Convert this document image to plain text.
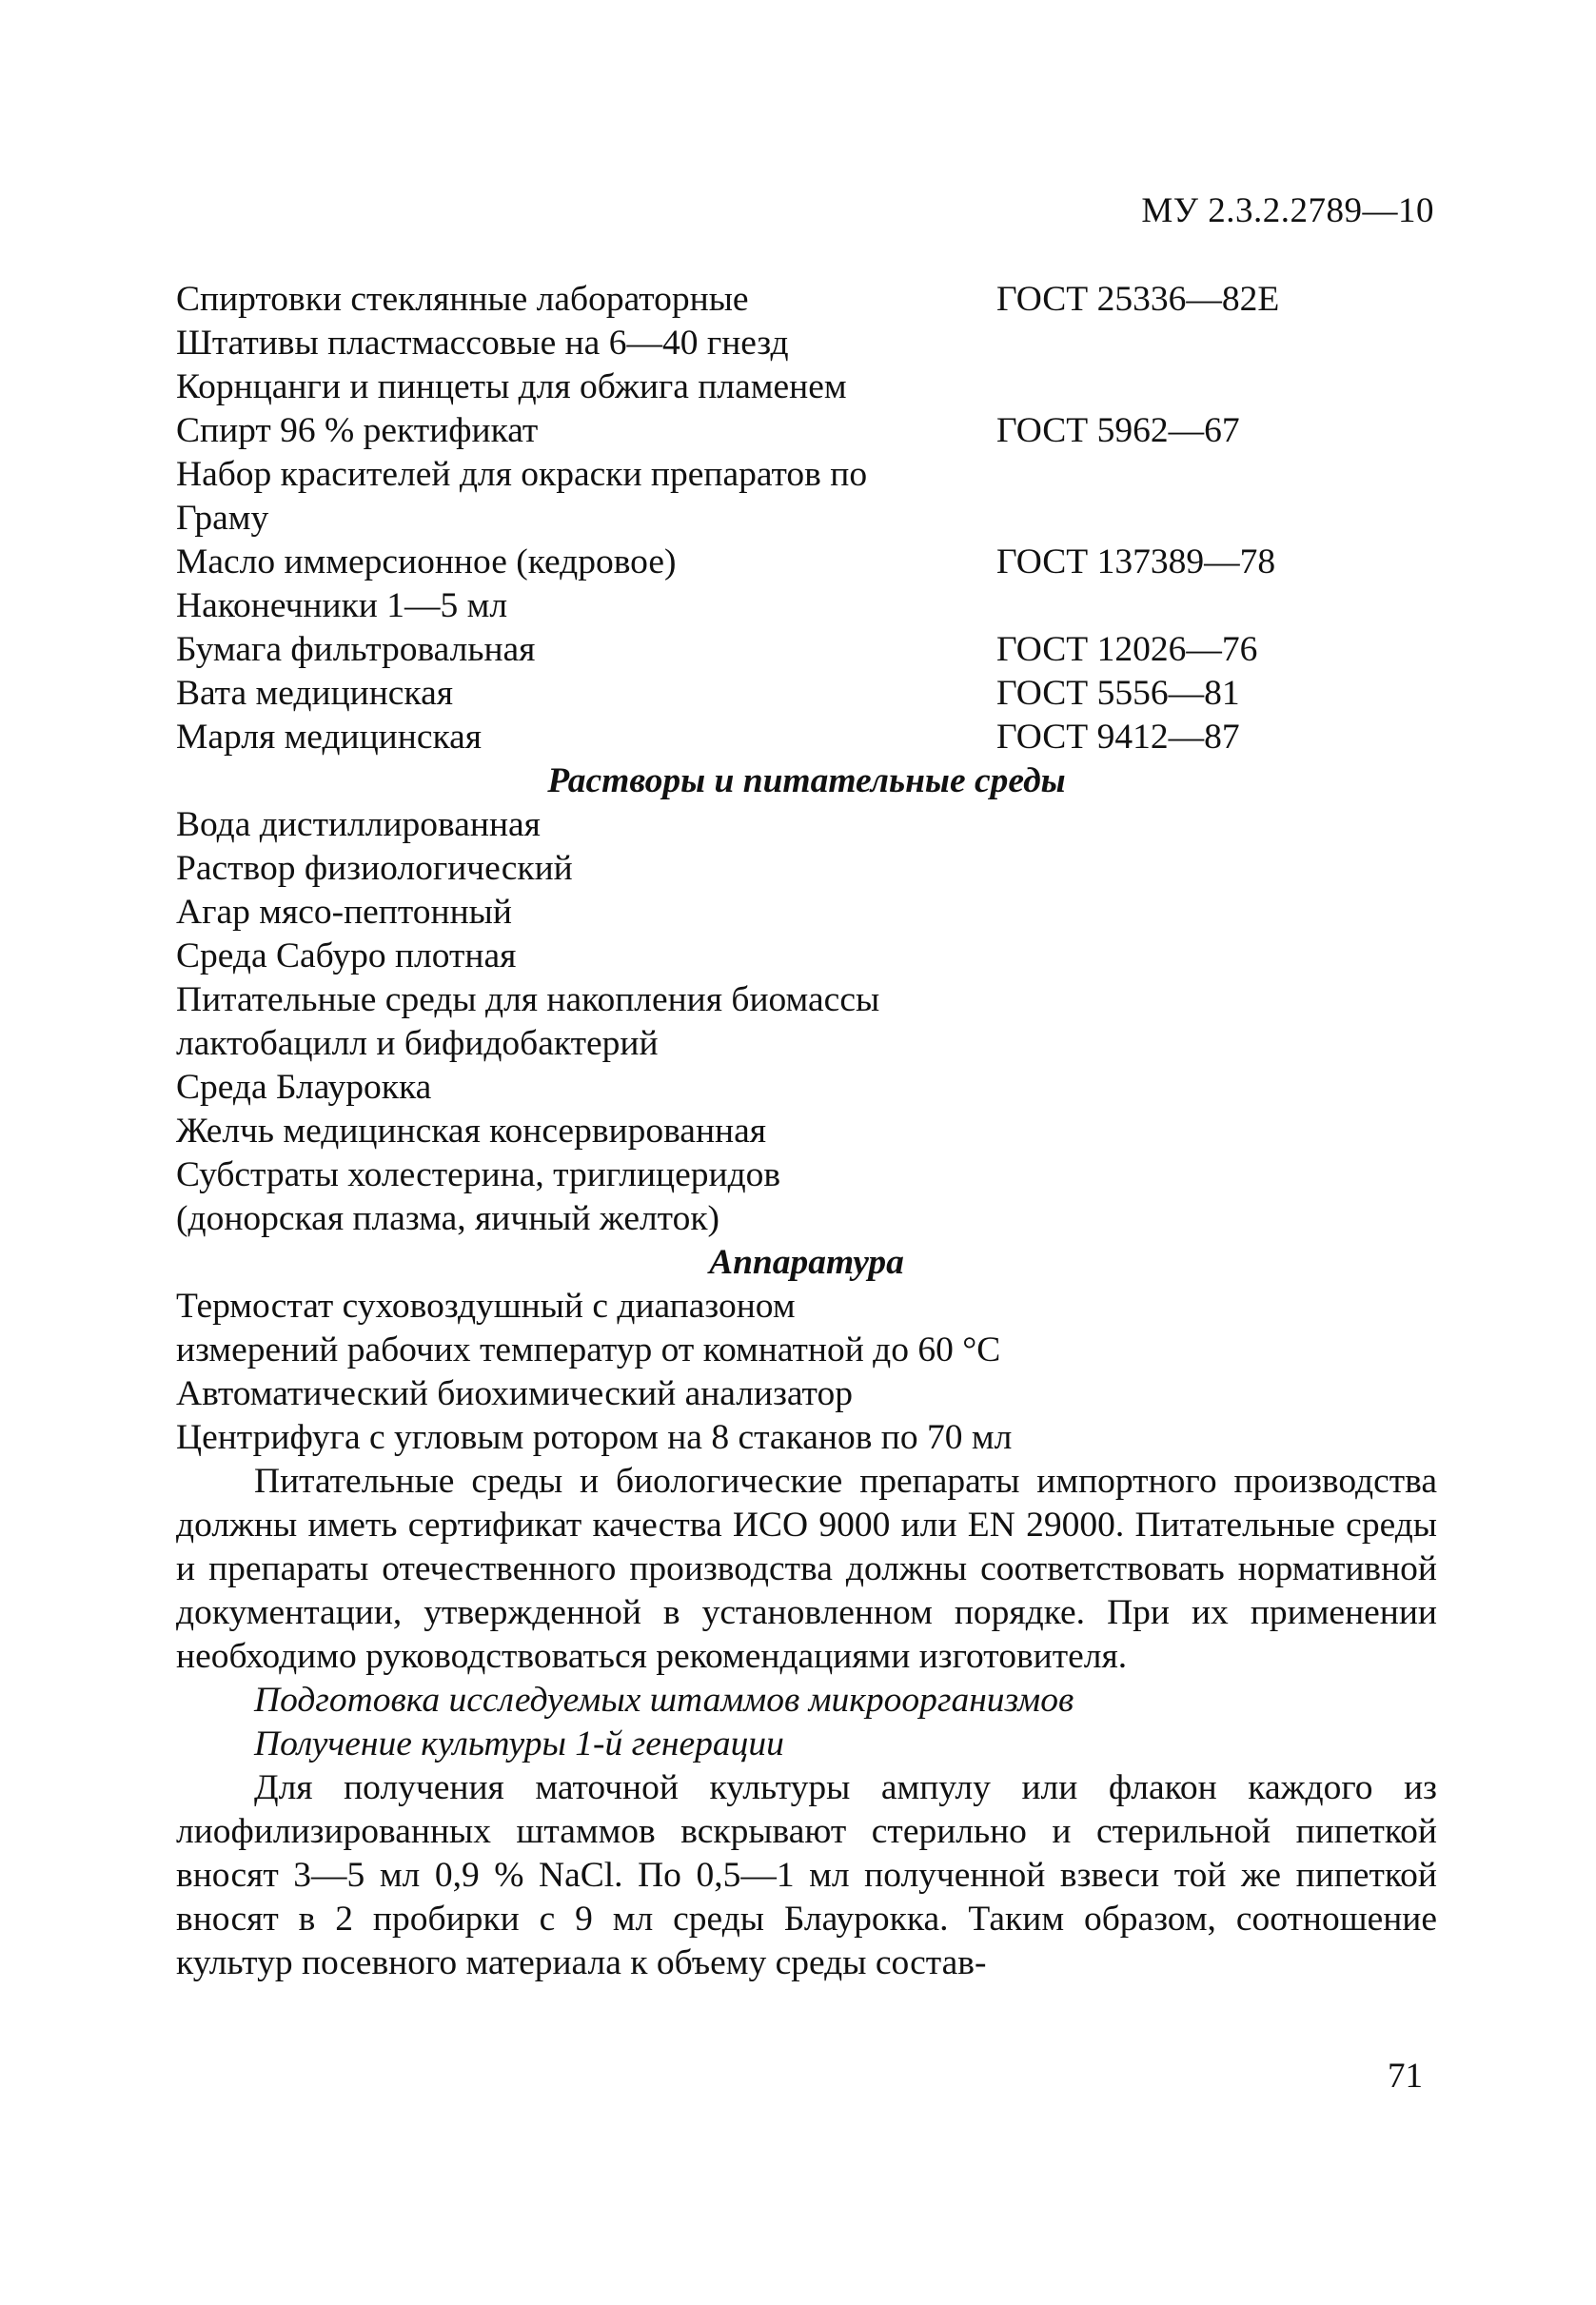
МУ 2.3.2.2789—10
Спиртовки стеклянные лабораторные	ГОСТ 25336—82Е
Штативы пластмассовые на 6—40 гнезд
Корнцанги и пинцеты для обжига пламенем
Спирт 96 % ректификат	ГОСТ 5962—67
Набор красителей для окраски препаратов по
Граму
Масло иммерсионное (кедровое)	ГОСТ 137389—78
Наконечники 1—5 мл
Бумага фильтровальная	ГОСТ 12026—76
Вата медицинская	ГОСТ 5556—81
Марля медицинская	ГОСТ 9412—87
Растворы и питательные среды
Вода дистиллированная
Раствор физиологический
Агар мясо-пептонный
Среда Сабуро плотная
Питательные среды для накопления биомассы
лактобацилл и бифидобактерий
Среда Блаурокка
Желчь медицинская консервированная
Субстраты холестерина, триглицеридов
(донорская плазма, яичный желток)
Аппаратура
Термостат суховоздушный с диапазоном
измерений рабочих температур от комнатной до 60 °С
Автоматический биохимический анализатор
Центрифуга с угловым ротором на 8 стаканов по 70 мл

Питательные среды и биологические препараты импортного производства должны иметь сертификат качества ИСО 9000 или EN 29000. Питательные среды и препараты отечественного производства должны соответствовать нормативной документации, утвержденной в установленном порядке. При их применении необходимо руководствоваться рекомендациями изготовителя.

Подготовка исследуемых штаммов микроорганизмов
Получение культуры 1-й генерации

Для получения маточной культуры ампулу или флакон каждого из лиофилизированных штаммов вскрывают стерильно и стерильной пипеткой вносят 3—5 мл 0,9 % NaCl. По 0,5—1 мл полученной взвеси той же пипеткой вносят в 2 пробирки с 9 мл среды Блаурокка. Таким образом, соотношение культур посевного материала к объему среды состав-

71
